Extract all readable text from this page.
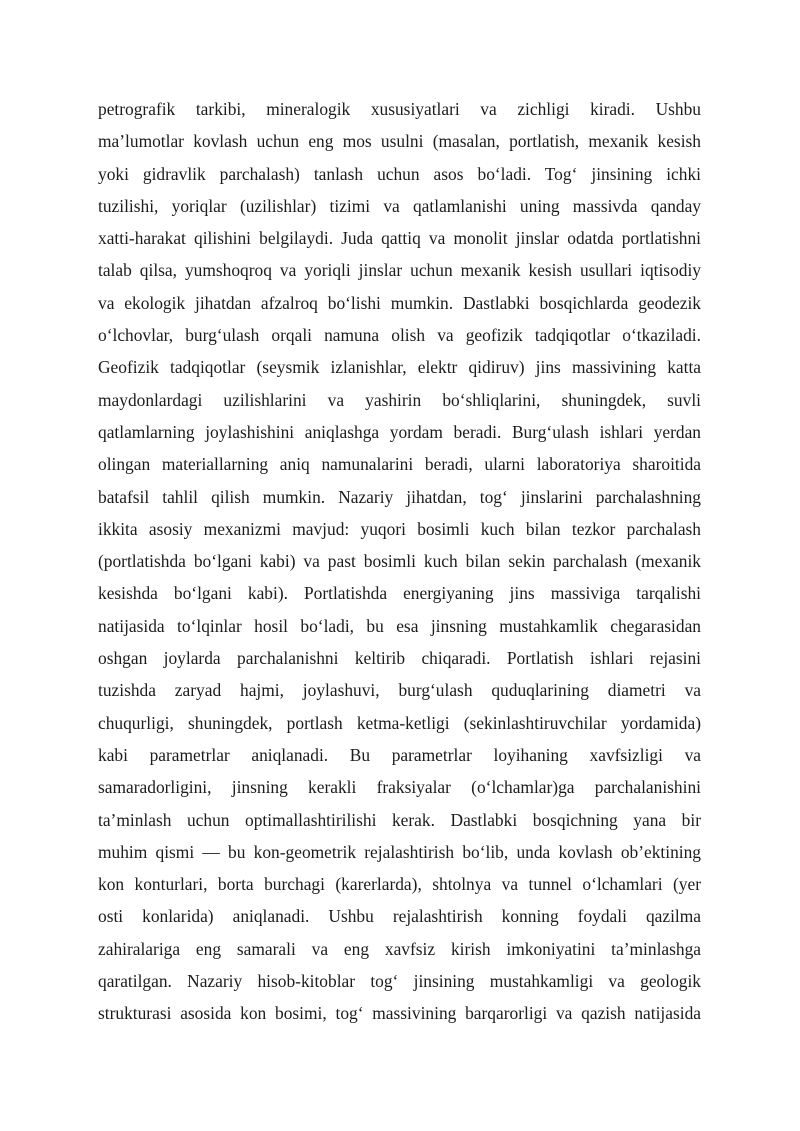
petrografik tarkibi, mineralogik xususiyatlari va zichligi kiradi. Ushbu
ma’lumotlar kovlash uchun eng mos usulni (masalan, portlatish, mexanik kesish
yoki gidravlik parchalash) tanlash uchun asos bo‘ladi. Tog‘ jinsining ichki
tuzilishi, yoriqlar (uzilishlar) tizimi va qatlamlanishi uning massivda qanday
xatti-harakat qilishini belgilaydi. Juda qattiq va monolit jinslar odatda portlatishni
talab qilsa, yumshoqroq va yoriqli jinslar uchun mexanik kesish usullari iqtisodiy
va ekologik jihatdan afzalroq bo‘lishi mumkin. Dastlabki bosqichlarda geodezik
o‘lchovlar, burg‘ulash orqali namuna olish va geofizik tadqiqotlar o‘tkaziladi.
Geofizik tadqiqotlar (seysmik izlanishlar, elektr qidiruv) jins massivining katta
maydonlardagi uzilishlarini va yashirin bo‘shliqlarini, shuningdek, suvli
qatlamlarning joylashishini aniqlashga yordam beradi. Burg‘ulash ishlari yerdan
olingan materiallarning aniq namunalarini beradi, ularni laboratoriya sharoitida
batafsil tahlil qilish mumkin. Nazariy jihatdan, tog‘ jinslarini parchalashning
ikkita asosiy mexanizmi mavjud: yuqori bosimli kuch bilan tezkor parchalash
(portlatishda bo‘lgani kabi) va past bosimli kuch bilan sekin parchalash (mexanik
kesishda bo‘lgani kabi). Portlatishda energiyaning jins massiviga tarqalishi
natijasida to‘lqinlar hosil bo‘ladi, bu esa jinsning mustahkamlik chegarasidan
oshgan joylarda parchalanishni keltirib chiqaradi. Portlatish ishlari rejasini
tuzishda zaryad hajmi, joylashuvi, burg‘ulash quduqlarining diametri va
chuqurligi, shuningdek, portlash ketma-ketligi (sekinlashtiruvchilar yordamida)
kabi parametrlar aniqlanadi. Bu parametrlar loyihaning xavfsizligi va
samaradorligini, jinsning kerakli fraksiyalar (o‘lchamlar)ga parchalanishini
ta’minlash uchun optimallashtirilishi kerak. Dastlabki bosqichning yana bir
muhim qismi — bu kon-geometrik rejalashtirish bo‘lib, unda kovlash ob’ektining
kon konturlari, borta burchagi (karerlarda), shtolnya va tunnel o‘lchamlari (yer
osti konlarida) aniqlanadi. Ushbu rejalashtirish konning foydali qazilma
zahiralariga eng samarali va eng xavfsiz kirish imkoniyatini ta’minlashga
qaratilgan. Nazariy hisob-kitoblar tog‘ jinsining mustahkamligi va geologik
strukturasi asosida kon bosimi, tog‘ massivining barqarorligi va qazish natijasida
